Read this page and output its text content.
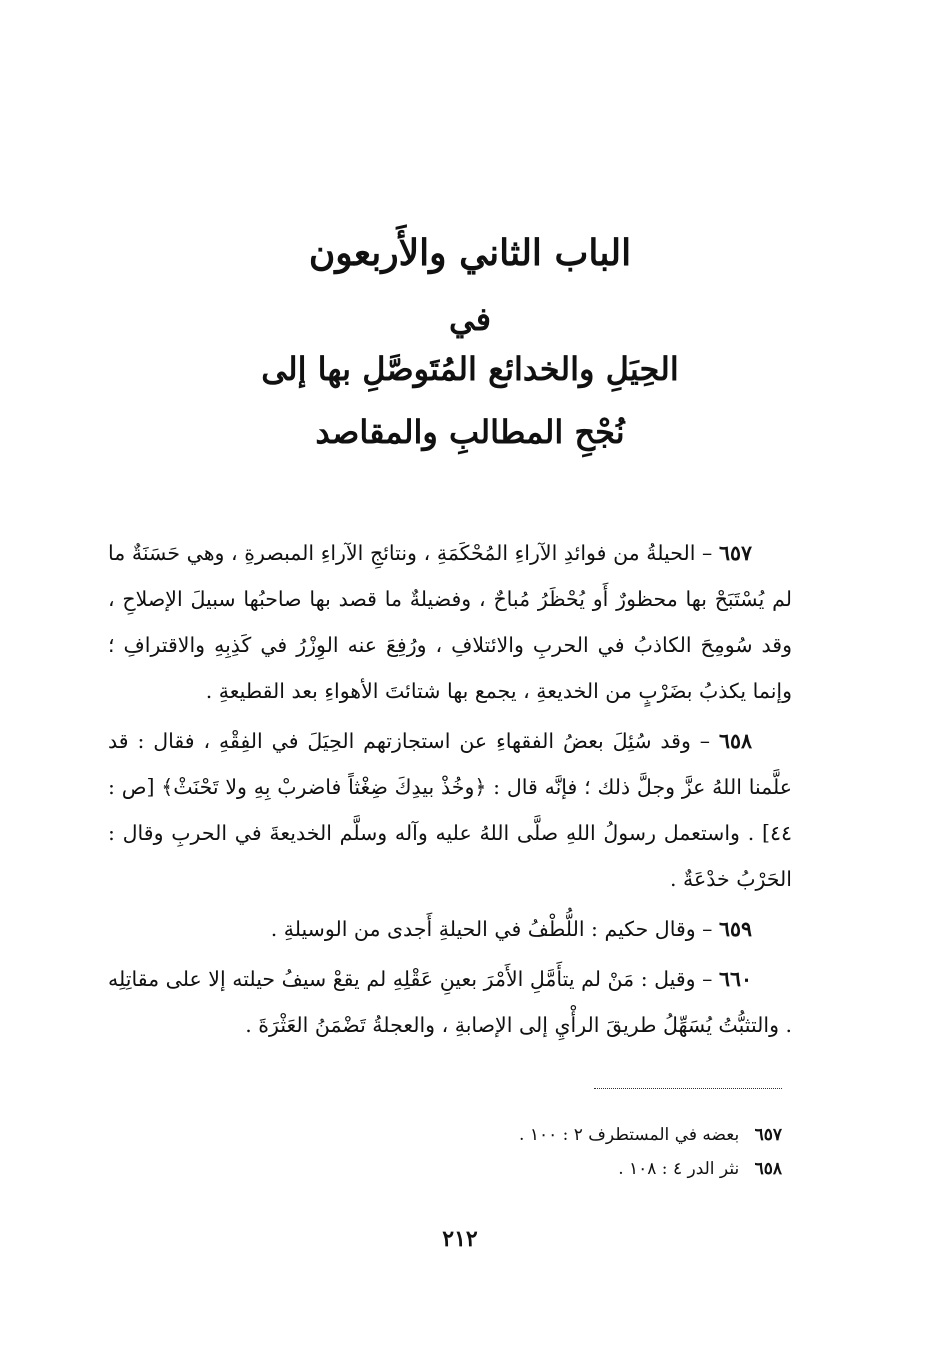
الباب الثاني والأَربعون
في
الحِيَلِ والخدائع المُتَوصَّلِ بها إلى
نُجْحِ المطالبِ والمقاصد

٦٥٧ – الحيلةُ من فوائدِ الآراءِ المُحْكَمَةِ ، ونتائجِ الآراءِ المبصرةِ ، وهي حَسَنَةٌ ما لم يُسْتَبَحْ بها محظورٌ أَو يُحْظَرُ مُباحٌ ، وفضيلةٌ ما قصد بها صاحبُها سبيلَ الإصلاحِ ، وقد سُومِحَ الكاذبُ في الحربِ والائتلافِ ، ورُفِعَ عنه الوِزْرُ في كَذِبِهِ والاقترافِ ؛ وإنما يكذبُ بضَرْبٍ من الخديعةِ ، يجمع بها شتائتَ الأهواءِ بعد القطيعةِ .

٦٥٨ – وقد سُئِلَ بعضُ الفقهاءِ عن استجازتهم الحِيَلَ في الفِقْهِ ، فقال : قد علَّمنا اللهُ عزَّ وجلَّ ذلك ؛ فإنَّه قال : ﴿وخُذْ بيدِكَ ضِغْثاً فاضربْ بِهِ ولا تَحْنَثْ﴾ [ص : ٤٤] . واستعمل رسولُ اللهِ صلَّى اللهُ عليه وآله وسلَّم الخديعةَ في الحربِ وقال : الحَرْبُ خدْعَةٌ .

٦٥٩ – وقال حكيم : اللُّطْفُ في الحيلةِ أَجدى من الوسيلةِ .

٦٦٠ – وقيل : مَنْ لم يتأَمَّلِ الأَمْرَ بعينِ عَقْلِهِ لم يقعْ سيفُ حيلته إلا على مقاتِلِه . والتثبُّتُ يُسَهِّلُ طريقَ الرأْيِ إلى الإصابةِ ، والعجلةُ تَضْمَنُ العَثْرَةَ .

٦٥٧ بعضه في المستطرف ٢ : ١٠٠ .

٦٥٨ نثر الدر ٤ : ١٠٨ .

٢١٢
